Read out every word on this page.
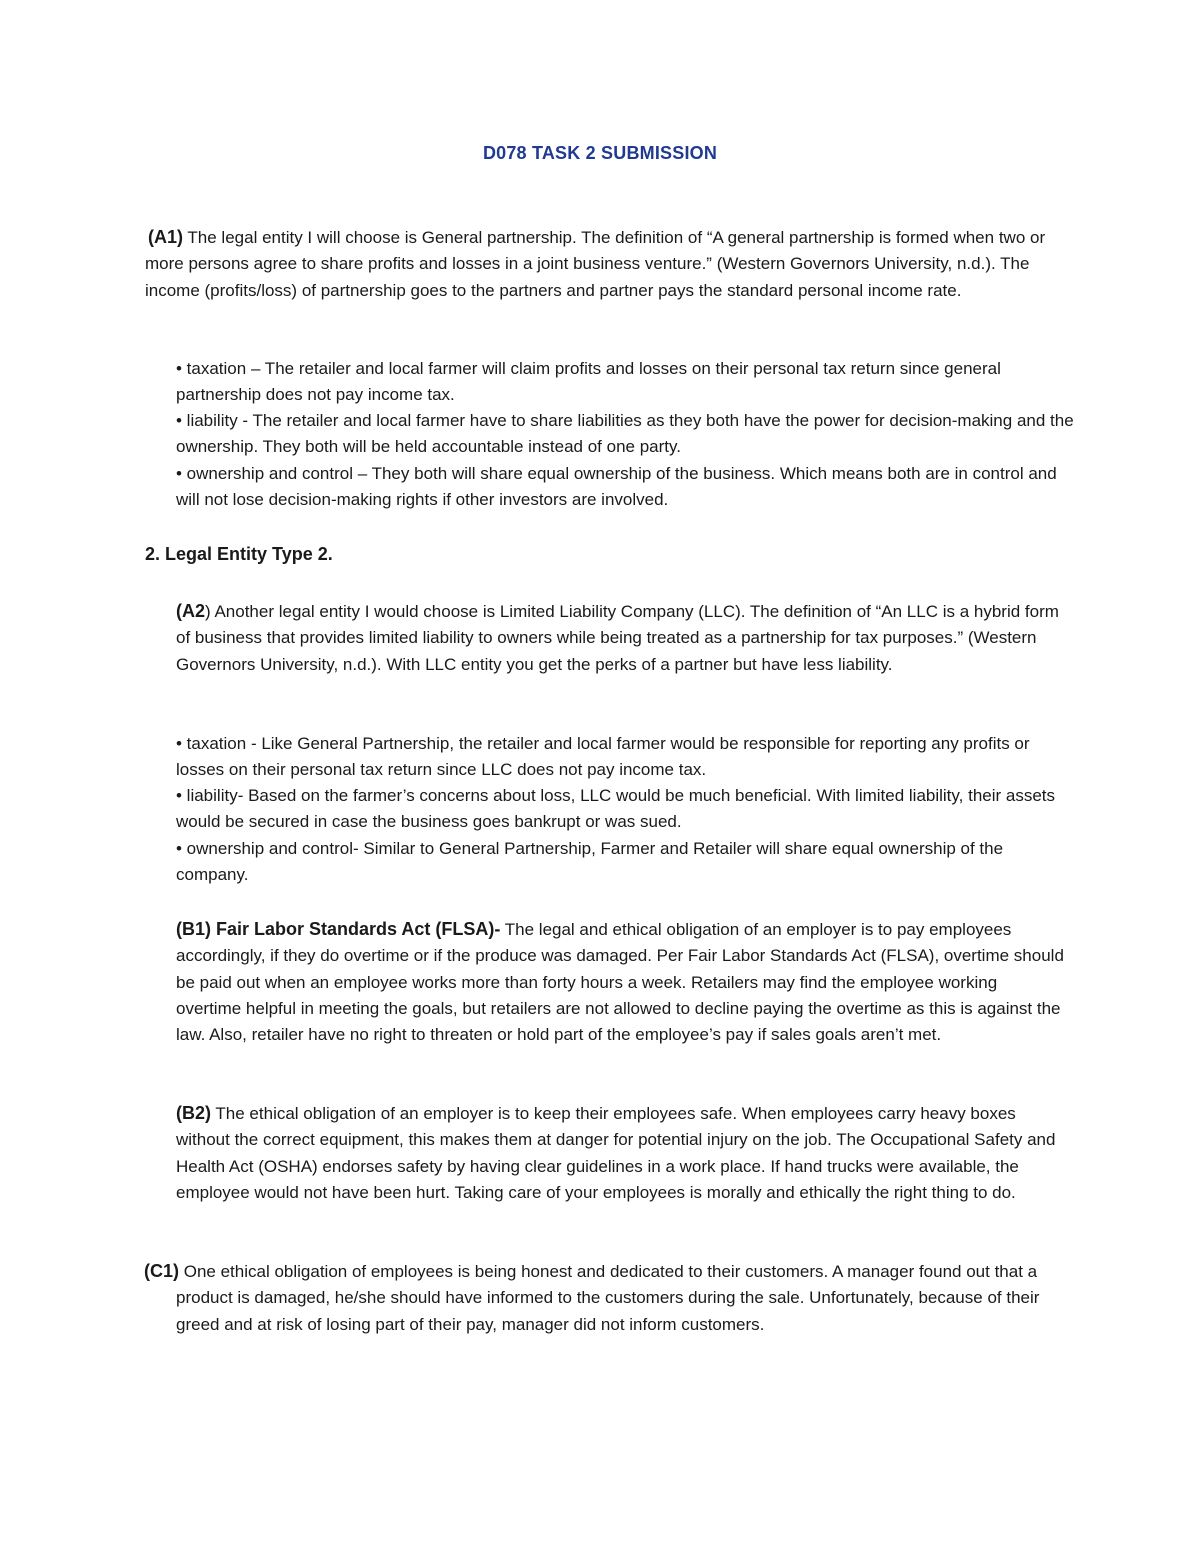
D078 TASK 2 SUBMISSION

(A1) The legal entity I will choose is General partnership. The definition of “A general partnership is formed when two or more persons agree to share profits and losses in a joint business venture.” (Western Governors University, n.d.). The income (profits/loss) of partnership goes to the partners and partner pays the standard personal income rate.

• taxation – The retailer and local farmer will claim profits and losses on their personal tax return since general partnership does not pay income tax.
• liability - The retailer and local farmer have to share liabilities as they both have the power for decision-making and the ownership. They both will be held accountable instead of one party.
• ownership and control – They both will share equal ownership of the business. Which means both are in control and will not lose decision-making rights if other investors are involved.
2. Legal Entity Type 2.

(A2) Another legal entity I would choose is Limited Liability Company (LLC). The definition of “An LLC is a hybrid form of business that provides limited liability to owners while being treated as a partnership for tax purposes.” (Western Governors University, n.d.). With LLC entity you get the perks of a partner but have less liability.

• taxation - Like General Partnership, the retailer and local farmer would be responsible for reporting any profits or losses on their personal tax return since LLC does not pay income tax.
• liability- Based on the farmer’s concerns about loss, LLC would be much beneficial. With limited liability, their assets would be secured in case the business goes bankrupt or was sued.
• ownership and control- Similar to General Partnership, Farmer and Retailer will share equal ownership of the company.

(B1) Fair Labor Standards Act (FLSA)- The legal and ethical obligation of an employer is to pay employees accordingly, if they do overtime or if the produce was damaged. Per Fair Labor Standards Act (FLSA), overtime should be paid out when an employee works more than forty hours a week. Retailers may find the employee working overtime helpful in meeting the goals, but retailers are not allowed to decline paying the overtime as this is against the law. Also, retailer have no right to threaten or hold part of the employee’s pay if sales goals aren’t met.

(B2) The ethical obligation of an employer is to keep their employees safe. When employees carry heavy boxes without the correct equipment, this makes them at danger for potential injury on the job. The Occupational Safety and Health Act (OSHA) endorses safety by having clear guidelines in a work place. If hand trucks were available, the employee would not have been hurt. Taking care of your employees is morally and ethically the right thing to do.

(C1) One ethical obligation of employees is being honest and dedicated to their customers. A manager found out that a product is damaged, he/she should have informed to the customers during the sale. Unfortunately, because of their greed and at risk of losing part of their pay, manager did not inform customers.
